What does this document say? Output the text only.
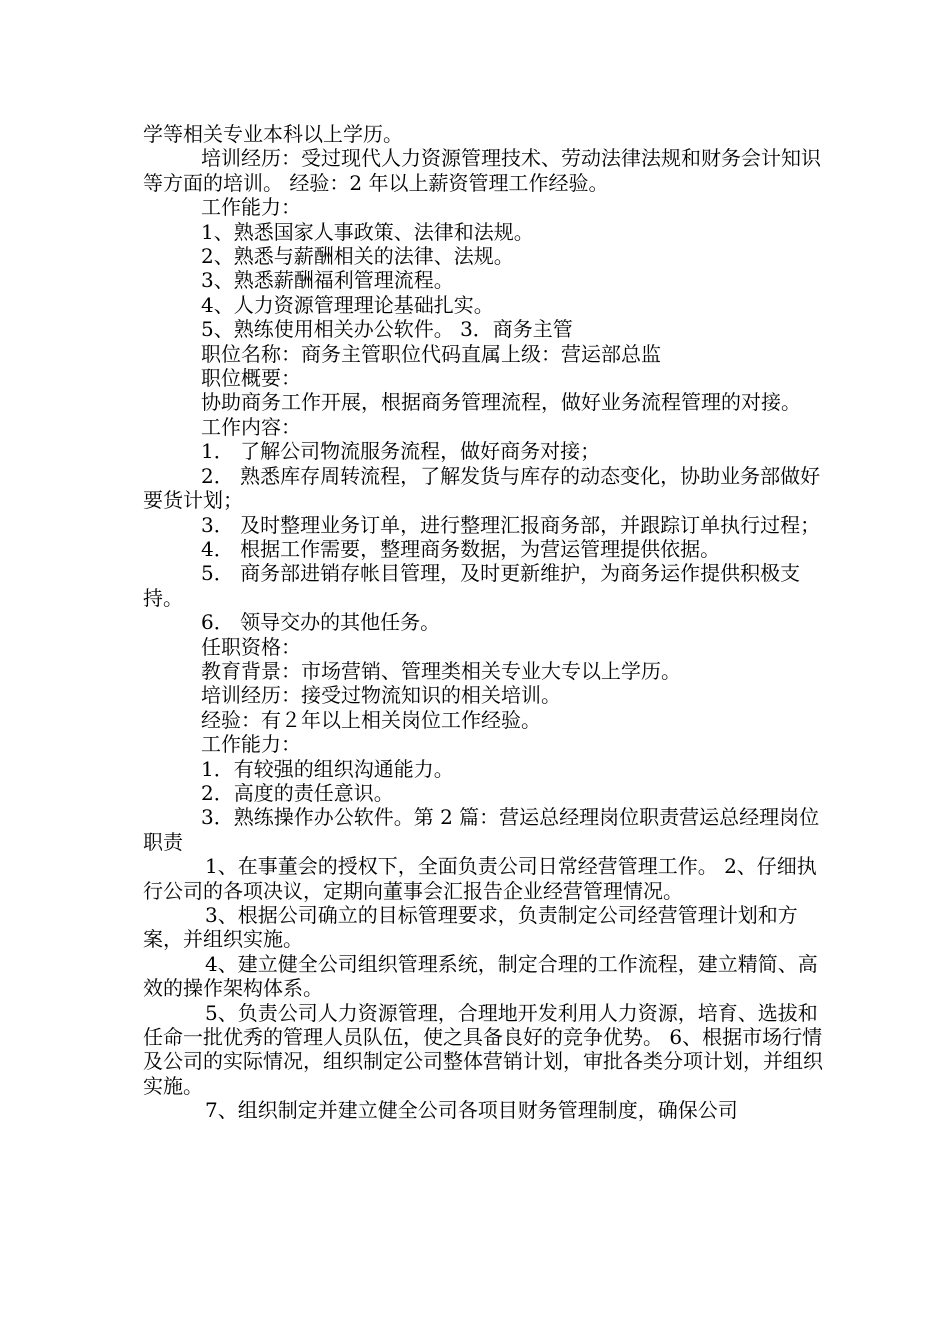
学等相关专业本科以上学历。

培训经历：受过现代人力资源管理技术、劳动法律法规和财务会计知识等方面的培训。 经验：2 年以上薪资管理工作经验。

工作能力：

1、熟悉国家人事政策、法律和法规。

2、熟悉与薪酬相关的法律、法规。

3、熟悉薪酬福利管理流程。

4、人力资源管理理论基础扎实。

5、熟练使用相关办公软件。 3．商务主管

职位名称：商务主管职位代码直属上级：营运部总监

职位概要：

协助商务工作开展，根据商务管理流程，做好业务流程管理的对接。

工作内容：

1． 了解公司物流服务流程，做好商务对接；

2． 熟悉库存周转流程，了解发货与库存的动态变化，协助业务部做好要货计划；

3． 及时整理业务订单，进行整理汇报商务部，并跟踪订单执行过程；

4． 根据工作需要，整理商务数据，为营运管理提供依据。

5． 商务部进销存帐目管理，及时更新维护，为商务运作提供积极支持。

6． 领导交办的其他任务。

任职资格：

教育背景：市场营销、管理类相关专业大专以上学历。

培训经历：接受过物流知识的相关培训。

经验：有２年以上相关岗位工作经验。

工作能力：

1．有较强的组织沟通能力。

2．高度的责任意识。

3．熟练操作办公软件。第 2 篇：营运总经理岗位职责营运总经理岗位职责

1、在事董会的授权下，全面负责公司日常经营管理工作。 2、仔细执行公司的各项决议，定期向董事会汇报告企业经营管理情况。

3、根据公司确立的目标管理要求，负责制定公司经营管理计划和方案，并组织实施。

4、建立健全公司组织管理系统，制定合理的工作流程，建立精简、高效的操作架构体系。

5、负责公司人力资源管理，合理地开发利用人力资源，培育、选拔和任命一批优秀的管理人员队伍，使之具备良好的竞争优势。 6、根据市场行情及公司的实际情况，组织制定公司整体营销计划，审批各类分项计划，并组织实施。

7、组织制定并建立健全公司各项目财务管理制度，确保公司
